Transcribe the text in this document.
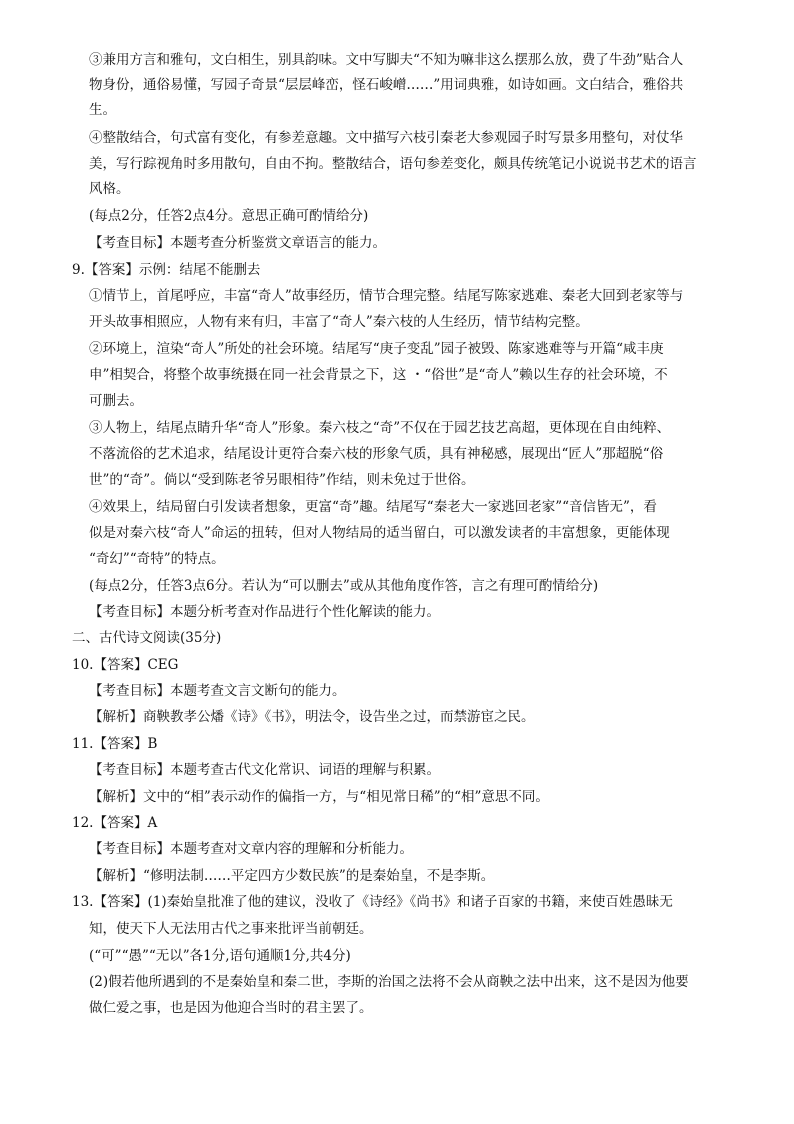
③兼用方言和雅句，文白相生，别具韵味。文中写脚夫“不知为嘛非这么摆那么放，费了牛劲”贴合人
物身份，通俗易懂，写园子奇景“层层峰峦，怪石峻嶒……”用词典雅，如诗如画。文白结合，雅俗共
生。
④整散结合，句式富有变化，有参差意趣。文中描写六枝引秦老大参观园子时写景多用整句，对仗华
美，写行踪视角时多用散句，自由不拘。整散结合，语句参差变化，颇具传统笔记小说说书艺术的语言
风格。
(每点2分，任答2点4分。意思正确可酌情给分)
【考查目标】本题考查分析鉴赏文章语言的能力。
9.【答案】示例：结尾不能删去
①情节上，首尾呼应，丰富“奇人”故事经历，情节合理完整。结尾写陈家逃难、秦老大回到老家等与
开头故事相照应，人物有来有归，丰富了“奇人”秦六枝的人生经历，情节结构完整。
②环境上，渲染“奇人”所处的社会环境。结尾写“庚子变乱”园子被毁、陈家逃难等与开篇“咸丰庚
申”相契合，将整个故事统摄在同一社会背景之下，这 ・“俗世”是“奇人”赖以生存的社会环境，不
可删去。
③人物上，结尾点睛升华“奇人”形象。秦六枝之“奇”不仅在于园艺技艺高超，更体现在自由纯粹、
不落流俗的艺术追求，结尾设计更符合秦六枝的形象气质，具有神秘感，展现出“匠人”那超脱“俗
世”的“奇”。倘以“受到陈老爷另眼相待”作结，则未免过于世俗。
④效果上，结局留白引发读者想象，更富“奇”趣。结尾写“秦老大一家逃回老家”“音信皆无”，看
似是对秦六枝“奇人”命运的扭转，但对人物结局的适当留白，可以激发读者的丰富想象，更能体现
“奇幻”“奇特”的特点。
(每点2分，任答3点6分。若认为“可以删去”或从其他角度作答，言之有理可酌情给分)
【考查目标】本题分析考查对作品进行个性化解读的能力。
二、古代诗文阅读(35分)
10.【答案】CEG
【考查目标】本题考查文言文断句的能力。
【解析】商鞅教孝公燔《诗》《书》，明法令，设告坐之过，而禁游宦之民。
11.【答案】B
【考查目标】本题考查古代文化常识、词语的理解与积累。
【解析】文中的“相”表示动作的偏指一方，与“相见常日稀”的“相”意思不同。
12.【答案】A
【考查目标】本题考查对文章内容的理解和分析能力。
【解析】“修明法制……平定四方少数民族”的是秦始皇，不是李斯。
13.【答案】(1)秦始皇批准了他的建议，没收了《诗经》《尚书》和诸子百家的书籍，来使百姓愚昧无
知，使天下人无法用古代之事来批评当前朝廷。
(“可”“愚”“无以”各1分,语句通顺1分,共4分)
(2)假若他所遇到的不是秦始皇和秦二世，李斯的治国之法将不会从商鞅之法中出来，这不是因为他要
做仁爱之事，也是因为他迎合当时的君主罢了。
